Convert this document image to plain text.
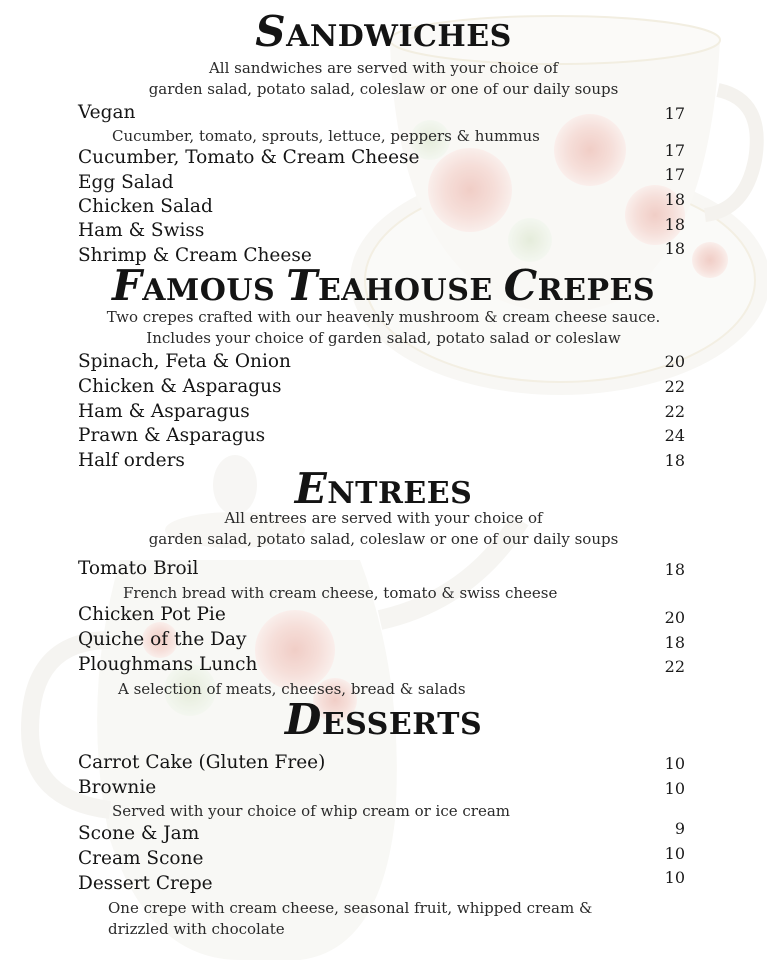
SANDWICHES
All sandwiches are served with your choice of
garden salad, potato salad, coleslaw or one of our daily soups
Vegan	17
Cucumber, tomato, sprouts, lettuce, peppers & hummus
Cucumber, Tomato & Cream Cheese	17
Egg Salad	17
Chicken Salad	18
Ham & Swiss	18
Shrimp & Cream Cheese	18
FAMOUS TEAHOUSE CREPES
Two crepes crafted with our heavenly mushroom & cream cheese sauce.
Includes your choice of garden salad, potato salad or coleslaw
Spinach, Feta & Onion	20
Chicken & Asparagus	22
Ham & Asparagus	22
Prawn & Asparagus	24
Half orders	18
ENTREES
All entrees are served with your choice of
garden salad, potato salad, coleslaw or one of our daily soups
Tomato Broil	18
French bread with cream cheese, tomato & swiss cheese
Chicken Pot Pie	20
Quiche of the Day	18
Ploughmans Lunch	22
A selection of meats, cheeses, bread & salads
DESSERTS
Carrot Cake (Gluten Free)	10
Brownie	10
Served with your choice of whip cream or ice cream
Scone & Jam	9
Cream Scone	10
Dessert Crepe	10
One crepe with cream cheese, seasonal fruit, whipped cream &
drizzled with chocolate
